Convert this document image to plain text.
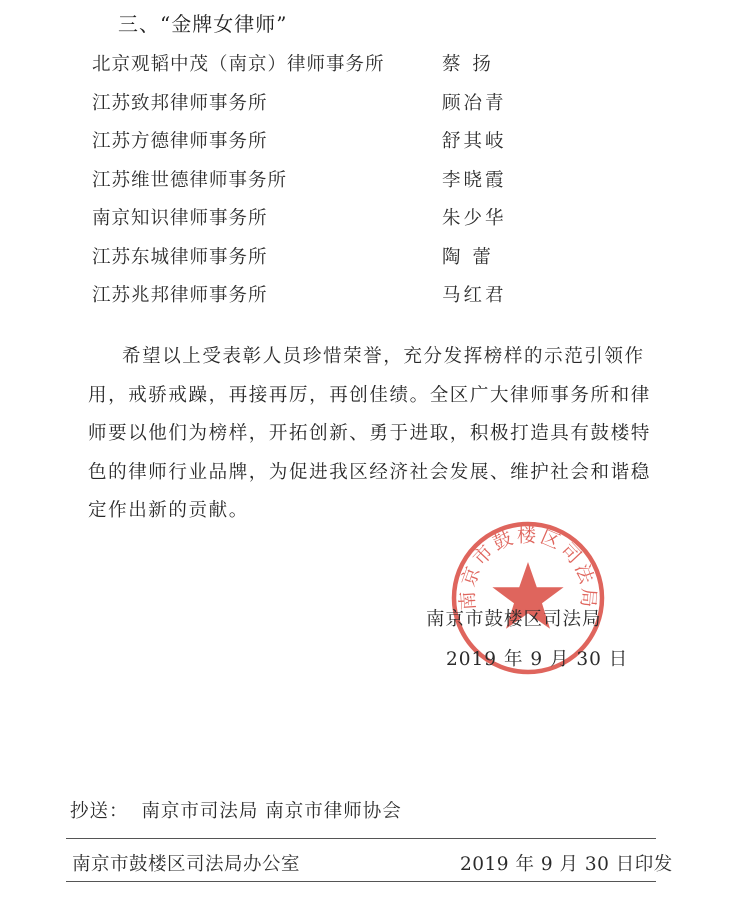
三、“金牌女律师”
北京观韬中茂（南京）律师事务所	蔡 扬
江苏致邦律师事务所	顾冶青
江苏方德律师事务所	舒其岐
江苏维世德律师事务所	李晓霞
南京知识律师事务所	朱少华
江苏东城律师事务所	陶 蕾
江苏兆邦律师事务所	马红君

希望以上受表彰人员珍惜荣誉，充分发挥榜样的示范引领作用，戒骄戒躁，再接再厉，再创佳绩。全区广大律师事务所和律师要以他们为榜样，开拓创新、勇于进取，积极打造具有鼓楼特色的律师行业品牌，为促进我区经济社会发展、维护社会和谐稳定作出新的贡献。

南京市鼓楼区司法局
南京市鼓楼区司法局
2019 年 9 月 30 日
抄送： 南京市司法局 南京市律师协会
南京市鼓楼区司法局办公室	2019 年 9 月 30 日印发
